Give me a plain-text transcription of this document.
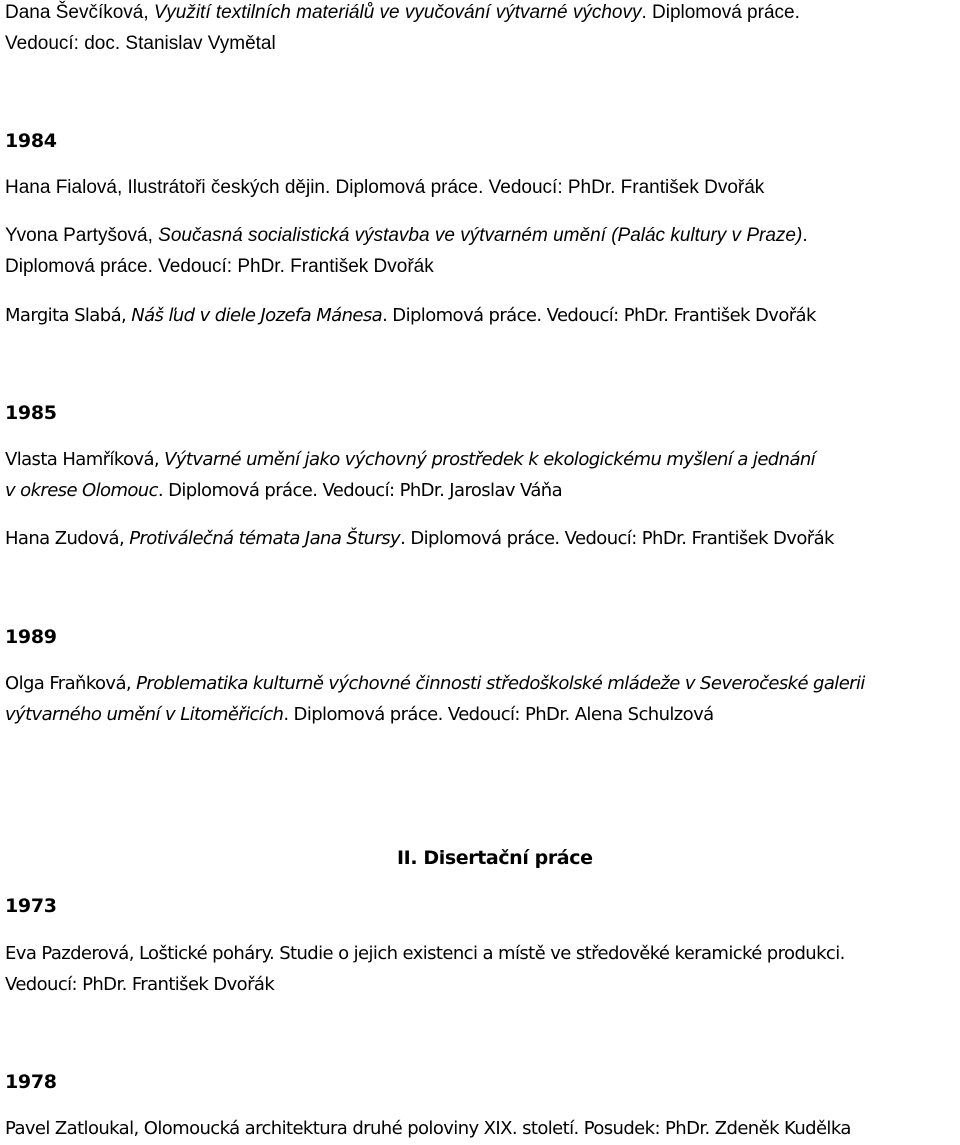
Dana Ševčíková, Využití textilních materiálů ve vyučování výtvarné výchovy. Diplomová práce.
Vedoucí: doc. Stanislav Vymětal
1984
Hana Fialová, Ilustrátoři českých dějin. Diplomová práce. Vedoucí: PhDr. František Dvořák
Yvona Partyšová, Současná socialistická výstavba ve výtvarném umění (Palác kultury v Praze).
Diplomová práce. Vedoucí: PhDr. František Dvořák
Margita Slabá, Náš ľud v diele Jozefa Mánesa. Diplomová práce. Vedoucí: PhDr. František Dvořák
1985
Vlasta Hamříková, Výtvarné umění jako výchovný prostředek k ekologickému myšlení a jednání
v okrese Olomouc. Diplomová práce. Vedoucí: PhDr. Jaroslav Váňa
Hana Zudová, Protiválečná témata Jana Štursy. Diplomová práce. Vedoucí: PhDr. František Dvořák
1989
Olga Fraňková, Problematika kulturně výchovné činnosti středoškolské mládeže v Severočeské galerii
výtvarného umění v Litoměřicích. Diplomová práce. Vedoucí: PhDr. Alena Schulzová
II. Disertační práce
1973
Eva Pazderová, Loštické poháry. Studie o jejich existenci a místě ve středověké keramické produkci.
Vedoucí: PhDr. František Dvořák
1978
Pavel Zatloukal, Olomoucká architektura druhé poloviny XIX. století. Posudek: PhDr. Zdeněk Kudělka
